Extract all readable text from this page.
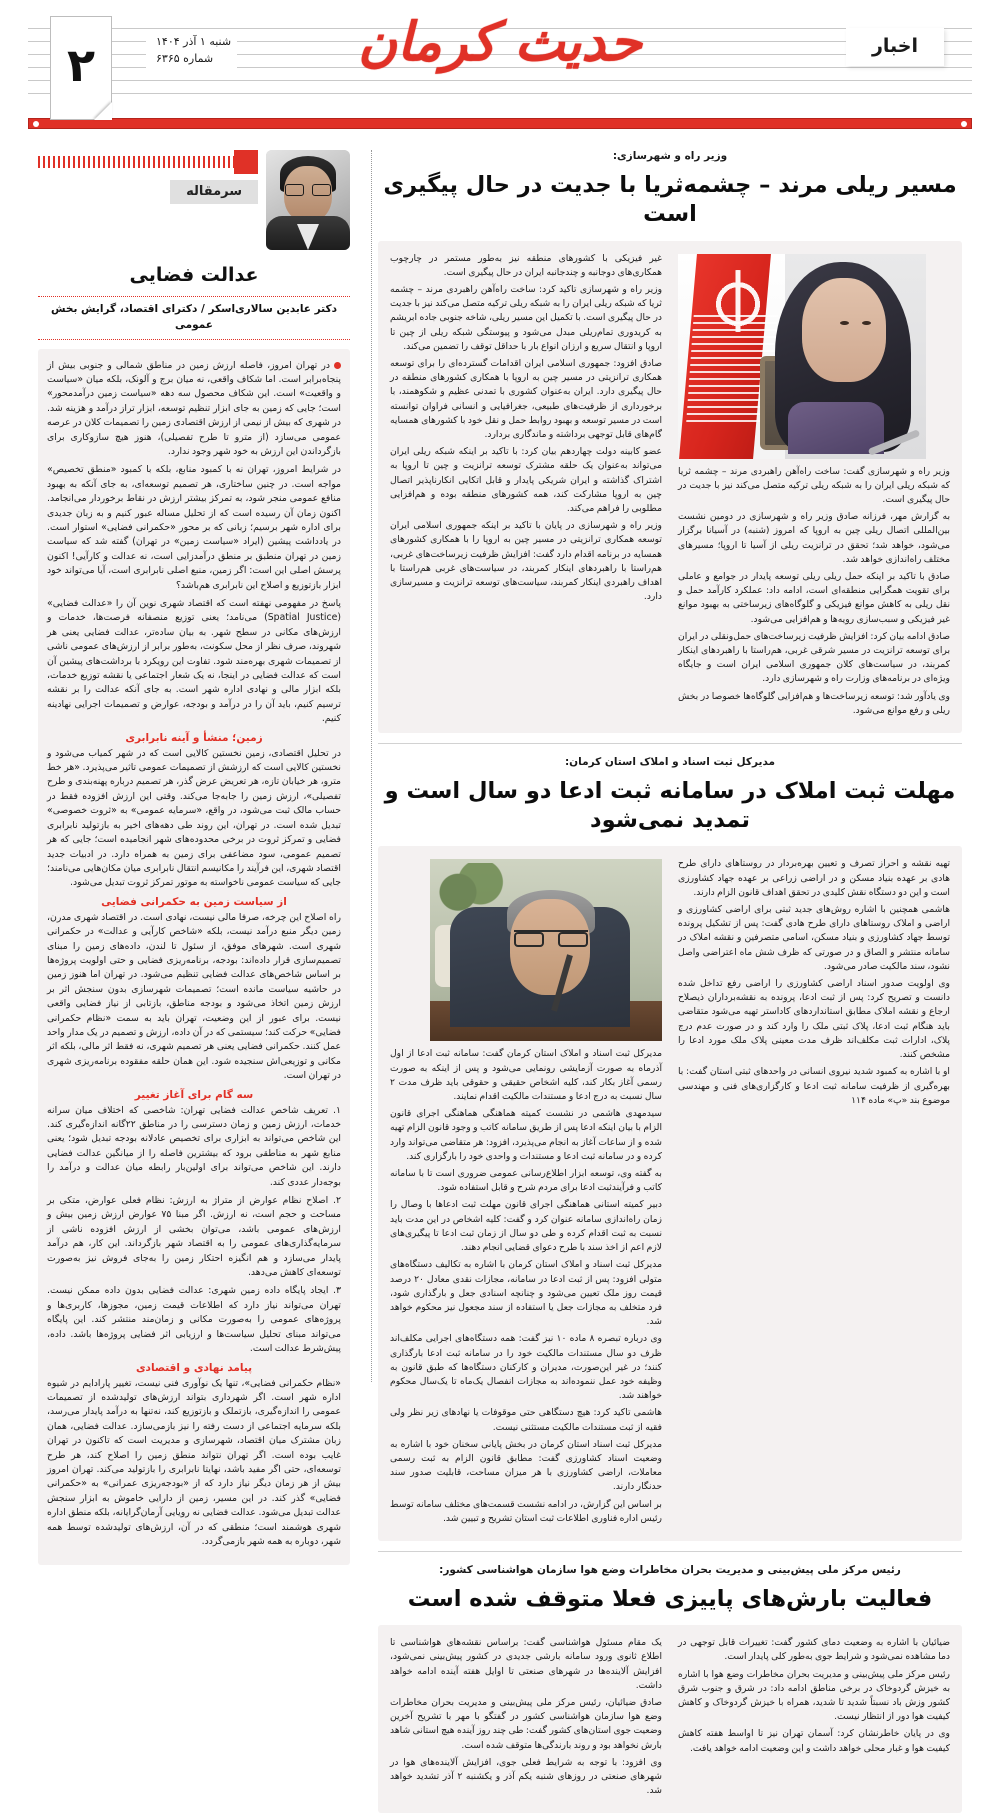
حدیث کرمان	اخبار
شنبه ۱ آذر ۱۴۰۴
شماره ۶۳۶۵
۲
سرمقاله
عدالت فضایی
دکتر عابدین سالاری‌اسکر / دکترای اقتصاد، گرایش بخش عمومی

در تهران امروز، فاصله ارزش زمین در مناطق شمالی و جنوبی بیش از پنجاه‌برابر است. اما شکاف واقعی، نه میان برج و آلونک، بلکه میان «سیاست و واقعیت» است. این شکاف محصول سه دهه «سیاست زمین درآمدمحور» است؛ جایی که زمین به جای ابزار تنظیم توسعه، ابزار تراز درآمد و هزینه شد. در شهری که بیش از نیمی از ارزش اقتصادی زمین را تصمیمات کلان در عرصه عمومی می‌سازد (از مترو تا طرح تفصیلی)، هنوز هیچ سازوکاری برای بازگرداندن این ارزش به خود شهر وجود ندارد.

در شرایط امروز، تهران نه با کمبود منابع، بلکه با کمبود «منطق تخصیص» مواجه است. در چنین ساختاری، هر تصمیم توسعه‌ای، به جای آنکه به بهبود منافع عمومی منجر شود، به تمرکز بیشتر ارزش در نقاط برخوردار می‌انجامد. اکنون زمان آن رسیده است که از تحلیل مساله عبور کنیم و به زبان جدیدی برای اداره شهر برسیم؛ زبانی که بر محور «حکمرانی فضایی» استوار است. در یادداشت پیشین (ایراد «سیاست زمین» در تهران) گفته شد که سیاست زمین در تهران منطبق بر منطق درآمدزایی است، نه عدالت و کارآیی! اکنون پرسش اصلی این است: اگر زمین، منبع اصلی نابرابری است، آیا می‌تواند خود ابزار بازتوزیع و اصلاح این نابرابری هم‌باشد؟

پاسخ در مفهومی نهفته است که اقتصاد شهری نوین آن را «عدالت فضایی» (Spatial Justice) می‌نامد؛ یعنی توزیع منصفانه فرصت‌ها، خدمات و ارزش‌های مکانی در سطح شهر. به بیان ساده‌تر، عدالت فضایی یعنی هر شهروند، صرف نظر از محل سکونت، به‌طور برابر از ارزش‌های عمومی ناشی از تصمیمات شهری بهره‌مند شود. تفاوت این رویکرد با برداشت‌های پیشین آن است که عدالت فضایی در اینجا، نه یک شعار اجتماعی یا نقشه توزیع خدمات، بلکه ابزار مالی و نهادی اداره شهر است. به جای آنکه عدالت را بر نقشه ترسیم کنیم، باید آن را در درآمد و بودجه، عوارض و تصمیمات اجرایی نهادینه کنیم.

زمین؛ منشأ و آینه نابرابری

در تحلیل اقتصادی، زمین نخستین کالایی است که در شهر کمیاب می‌شود و نخستین کالایی است که ارزشش از تصمیمات عمومی تاثیر می‌پذیرد. «هر خط مترو، هر خیابان تازه، هر تعریض عرض گذر، هر تصمیم درباره پهنه‌بندی و طرح تفصیلی»، ارزش زمین را جابه‌جا می‌کند. وقتی این ارزش افزوده فقط در حساب مالک ثبت می‌شود، در واقع، «سرمایه عمومی» به «ثروت خصوصی» تبدیل شده است. در تهران، این روند طی دهه‌های اخیر به بازتولید نابرابری فضایی و تمرکز ثروت در برخی محدوده‌های شهر انجامیده است؛ جایی که هر تصمیم عمومی، سود مضاعفی برای زمین به همراه دارد. در ادبیات جدید اقتصاد شهری، این فرآیند را مکانیسم انتقال نابرابری میان مکان‌هایی می‌نامند؛ جایی که سیاست عمومی ناخواسته به موتور تمرکز ثروت تبدیل می‌شود.

از سیاست زمین به حکمرانی فضایی

راه اصلاح این چرخه، صرفا مالی نیست، نهادی است. در اقتصاد شهری مدرن، زمین دیگر منبع درآمد نیست، بلکه «شاخص کارآیی و عدالت» در حکمرانی شهری است. شهرهای موفق، از سئول تا لندن، داده‌های زمین را مبنای تصمیم‌سازی قرار داده‌اند: بودجه، برنامه‌ریزی فضایی و حتی اولویت پروژه‌ها بر اساس شاخص‌های عدالت فضایی تنظیم می‌شود. در تهران اما هنوز زمین در حاشیه سیاست مانده است؛ تصمیمات شهرسازی بدون سنجش اثر بر ارزش زمین اتخاذ می‌شود و بودجه مناطق، بازتابی از نیاز فضایی واقعی نیست. برای عبور از این وضعیت، تهران باید به سمت «نظام حکمرانی فضایی» حرکت کند؛ سیستمی که در آن داده، ارزش و تصمیم در یک مدار واحد عمل کنند. حکمرانی فضایی یعنی هر تصمیم شهری، نه فقط اثر مالی، بلکه اثر مکانی و توزیعی‌اش سنجیده شود. این همان حلقه مفقوده برنامه‌ریزی شهری در تهران است.

سه گام برای آغاز تغییر

۱. تعریف شاخص عدالت فضایی تهران: شاخصی که اختلاف میان سرانه خدمات، ارزش زمین و زمان دسترسی را در مناطق ۲۲گانه اندازه‌گیری کند. این شاخص می‌تواند به ابزاری برای تخصیص عادلانه بودجه تبدیل شود؛ یعنی منابع شهر به مناطقی برود که بیشترین فاصله را از میانگین عدالت فضایی دارند. این شاخص می‌تواند برای اولین‌بار رابطه میان عدالت و درآمد را بوجه‌دار عددی کند.

۲. اصلاح نظام عوارض از مترا‌ژ به ارزش: نظام فعلی عوارض، متکی بر مساحت و حجم است، نه ارزش. اگر مبنا ۷۵ عوارض ارزش زمین بیش و ارزش‌های عمومی باشد، می‌توان بخشی از ارزش افزوده ناشی از سرمایه‌گذاری‌های عمومی را به اقتصاد شهر بازگرداند. این کار، هم درآمد پایدار می‌سازد و هم انگیزه احتکار زمین را به‌جای فروش نیز به‌صورت توسعه‌ای کاهش می‌دهد.

۳. ایجاد پایگاه داده زمین شهری: عدالت فضایی بدون داده ممکن نیست. تهران می‌تواند نیاز دارد که اطلاعات قیمت زمین، مجوزها، کاربری‌ها و پروژه‌های عمومی را به‌صورت مکانی و زمان‌مند منتشر کند. این پایگاه می‌تواند مبنای تحلیل سیاست‌ها و ارزیابی اثر فضایی پروژه‌ها باشد. داده، پیش‌شرط عدالت است.

پیامد نهادی و اقتصادی

«نظام حکمرانی فضایی»، تنها یک نوآوری فنی نیست، تغییر پارادایم در شیوه اداره شهر است. اگر شهرداری بتواند ارزش‌های تولیدشده از تصمیمات عمومی را اندازه‌گیری، بازتملک و بازتوزیع کند، نه‌تنها به درآمد پایدار می‌رسد، بلکه سرمایه اجتماعی از دست رفته را نیز بازمی‌سازد. عدالت فضایی، همان زبان مشترک میان اقتصاد، شهرسازی و مدیریت است که تاکنون در تهران غایب بوده است. اگر تهران نتواند منطق زمین را اصلاح کند، هر طرح توسعه‌ای، حتی اگر مفید باشد، نهایتا نابرابری را بازتولید می‌کند. تهران امروز بیش از هر زمان دیگر نیاز دارد که از «بودجه‌ریزی عمرانی» به «حکمرانی فضایی» گذر کند. در این مسیر، زمین از دارایی خاموش به ابزار سنجش عدالت تبدیل می‌شود. عدالت فضایی نه رویایی آرمان‌گرایانه، بلکه منطق اداره شهری هوشمند است؛ منطقی که در آن، ارزش‌های تولیدشده توسط همه شهر، دوباره به همه شهر بازمی‌گردد.

وزیر راه و شهرسازی:
مسیر ریلی مرند – چشمه‌ثریا با جدیت در حال پیگیری است

غیر فیزیکی با کشورهای منطقه نیز به‌طور مستمر در چارچوب همکاری‌های دوجانبه و چندجانبه ایران در حال پیگیری است.

وزیر راه و شهرسازی تاکید کرد: ساخت راه‌آهن راهبردی مرند – چشمه ثریا که شبکه ریلی ایران را به شبکه ریلی ترکیه متصل می‌کند نیز با جدیت در حال پیگیری است. با تکمیل این مسیر ریلی، شاخه جنوبی جاده ابریشم به کریدوری تمام‌ریلی مبدل می‌شود و پیوستگی شبکه ریلی از چین تا اروپا و انتقال سریع و ارزان انواع بار با حداقل توقف را تضمین می‌کند.

صادق افزود: جمهوری اسلامی ایران اقدامات گسترده‌ای را برای توسعه همکاری ترانزیتی در مسیر چین به اروپا با همکاری کشورهای منطقه در حال پیگیری دارد. ایران به‌عنوان کشوری با تمدنی عظیم و شکوهمند، با برخورداری از ظرفیت‌های طبیعی، جغرافیایی و انسانی فراوان توانسته است در مسیر توسعه و بهبود روابط حمل و نقل خود با کشورهای همسایه گام‌های قابل توجهی برداشته و ماندگاری بردارد.

عضو کابینه دولت چهاردهم بیان کرد: با تاکید بر اینکه شبکه ریلی ایران می‌تواند به‌عنوان یک حلقه مشترک توسعه ترانزیت و چین تا اروپا به اشتراک گذاشته و ایران شریکی پایدار و قابل اتکایی انکارناپذیر اتصال چین به اروپا مشارکت کند، همه کشورهای منطقه بوده و هم‌افزایی مطلوبی را فراهم می‌کند.

وزیر راه و شهرسازی در پایان با تاکید بر اینکه جمهوری اسلامی ایران توسعه همکاری ترانزیتی در مسیر چین به اروپا را با همکاری کشورهای همسایه در برنامه اقدام دارد گفت: افزایش ظرفیت زیرساخت‌های غربی، هم‌راستا با راهبردهای اینکار کمربند، در سیاست‌های غربی هم‌راستا با اهداف راهبردی اینکار کمربند، سیاست‌های توسعه ترانزیت و مسیرسازی دارد.

وزیر راه و شهرسازی گفت: ساخت راه‌آهن راهبردی مرند – چشمه ثریا که شبکه ریلی ایران را به شبکه ریلی ترکیه متصل می‌کند نیز با جدیت در حال پیگیری است.

به گزارش مهر، فرزانه صادق وزیر راه و شهرسازی در دومین نشست بین‌المللی اتصال ریلی چین به اروپا که امروز (شنبه) در آسیانا برگزار می‌شود، خواهد شد؛ تحقق در ترانزیت ریلی از آسیا تا اروپا؛ مسیرهای مختلف راه‌اندازی خواهد شد.

صادق با تاکید بر اینکه حمل ریلی ریلی توسعه پایدار در جوامع و عاملی برای تقویت همگرایی منطقه‌ای است، ادامه داد: عملکرد کارآمد حمل و نقل ریلی به کاهش موانع فیزیکی و گلوگاه‌های زیرساختی به بهبود موانع غیر فیزیکی و سبب‌سازی رویه‌ها و هم‌افزایی می‌شود.

صادق ادامه بیان کرد: افزایش ظرفیت زیرساخت‌های حمل‌ونقلی در ایران برای توسعه ترانزیت در مسیر شرقی غربی، هم‌راستا با راهبردهای اینکار کمربند، در سیاست‌های کلان جمهوری اسلامی ایران است و جایگاه ویژه‌ای در برنامه‌های وزارت راه و شهرسازی دارد.

وی یادآور شد: توسعه زیرساخت‌ها و هم‌افزایی گلوگاه‌ها خصوصا در بخش ریلی و رفع موانع می‌شود.

مدیرکل ثبت اسناد و املاک استان کرمان:
مهلت ثبت املاک در سامانه ثبت ادعا دو سال است و تمدید نمی‌شود

مدیرکل ثبت اسناد و املاک استان کرمان گفت: سامانه ثبت ادعا از اول آذرماه به صورت آزمایشی رونمایی می‌شود و پس از اینکه به صورت رسمی آغاز بکار کند، کلیه اشخاص حقیقی و حقوقی باید ظرف مدت ۲ سال نسبت به درج ادعا و مستندات مالکیت اقدام نمایند.

سیدمهدی هاشمی در نشست کمیته هماهنگی هماهنگی اجرای قانون الزام با بیان اینکه ادعا پس از طریق سامانه کاتب و وجود قانون الزام تهیه شده و از ساعات آغاز به انجام می‌پذیرد، افزود: هر متقاضی می‌تواند وارد کرده و در سامانه ثبت ادعا و مستندات و واحدی خود را بارگزاری کند.

به گفته وی، توسعه ابزار اطلاع‌رسانی عمومی ضروری است تا با سامانه کاتب و فرآیندثبت ادعا برای مردم شرح و قابل استفاده شود.

دبیر کمیته استانی هماهنگی اجرای قانون مهلت ثبت ادعاها با وصال را زمان راه‌اندازی سامانه عنوان کرد و گفت: کلیه اشخاص در این مدت باید نسبت به ثبت اقدام کرده و طی دو سال از زمان ثبت ادعا تا پیگیری‌های لازم اعم از اخذ سند با طرح دعوای قضایی انجام دهند.

مدیرکل ثبت اسناد و املاک استان کرمان با اشاره به تکالیف دستگاه‌های متولی افزود: پس از ثبت ادعا در سامانه، مجازات نقدی معادل ۲۰ درصد قیمت روز ملک تعیین می‌شود و چنانچه اسنادی جعل و بارگذاری شود، فرد متخلف به مجازات جعل یا استفاده از سند مجعول نیز محکوم خواهد شد.

وی درباره تبصره ۸ ماده ۱۰ نیز گفت: همه دستگاه‌های اجرایی مکلف‌اند ظرف دو سال مستندات مالکیت خود را در سامانه ثبت ادعا بارگذاری کنند؛ در غیر این‌صورت، مدیران و کارکنان دستگاه‌ها که طبق قانون به وظیفه خود عمل ننموده‌اند به مجازات انفصال یک‌ماه تا یک‌سال محکوم خواهند شد.

هاشمی تاکید کرد: هیچ دستگاهی حتی موقوفات یا نهادهای زیر نظر ولی فقیه از ثبت مستندات مالکیت مستثنی نیست.

مدیرکل ثبت اسناد استان کرمان در بخش پایانی سخنان خود با اشاره به وضعیت اسناد کشاورزی گفت: مطابق قانون الزام به ثبت رسمی معاملات، اراضی کشاورزی با هر میزان مساحت، قابلیت صدور سند حدنگار دارند.

بر اساس این گزارش، در ادامه نشست قسمت‌های مختلف سامانه توسط رئیس اداره فناوری اطلاعات ثبت استان تشریح و تبیین شد.

تهیه نقشه و احراز تصرف و تعیین بهره‌بردار در روستاهای دارای طرح هادی بر عهده بنیاد مسکن و در اراضی زراعی بر عهده جهاد کشاورزی است و این دو دستگاه نقش کلیدی در تحقق اهداف قانون الزام دارند.

هاشمی همچنین با اشاره روش‌های جدید ثبتی برای اراضی کشاورزی و اراضی و املاک روستاهای دارای طرح هادی گفت: پس از تشکیل پرونده توسط جهاد کشاورزی و بنیاد مسکن، اسامی متصرفین و نقشه املاک در سامانه منتشر و الصاق و در صورتی که ظرف شش ماه اعتراضی واصل نشود، سند مالکیت صادر می‌شود.

وی اولویت صدور اسناد اراضی کشاورزی را اراضی رفع تداخل شده دانست و تصریح کرد: پس از ثبت ادعا، پرونده به نقشه‌برداران ذیصلاح ارجاع و نقشه املاک مطابق استانداردهای کاداستر تهیه می‌شود متقاضی باید هنگام ثبت ادعا، پلاک ثبتی ملک را وارد کند و در صورت عدم درج پلاک، ادارات ثبت مکلف‌اند ظرف مدت معینی پلاک ملک مورد ادعا را مشخص کنند.

او با اشاره به کمبود شدید نیروی انسانی در واحدهای ثبتی استان گفت: با بهره‌گیری از ظرفیت سامانه ثبت ادعا و کارگزاری‌های فنی و مهندسی موضوع بند «پ» ماده ۱۱۴

رئیس مرکز ملی پیش‌بینی و مدیریت بحران مخاطرات وضع هوا سازمان هواشناسی کشور:
فعالیت بارش‌های پاییزی فعلا متوقف شده است

یک مقام مسئول هواشناسی گفت: براساس نقشه‌های هواشناسی تا اطلاع ثانوی ورود سامانه بارشی جدیدی در کشور پیش‌بینی نمی‌شود، افزایش آلاینده‌ها در شهرهای صنعتی تا اوایل هفته آینده ادامه خواهد داشت.

صادق ضیائیان، رئیس مرکز ملی پیش‌بینی و مدیریت بحران مخاطرات وضع هوا سازمان هواشناسی کشور در گفتگو با مهر با تشریح آخرین وضعیت جوی استان‌های کشور گفت: طی چند روز آینده هیچ استانی شاهد بارش نخواهد بود و روند بارندگی‌ها متوقف شده است.

وی افزود: با توجه به شرایط فعلی جوی، افزایش آلاینده‌های هوا در شهرهای صنعتی در روزهای شنبه یکم آذر و یکشنبه ۲ آذر تشدید خواهد شد.

ضیائیان با اشاره به وضعیت دمای کشور گفت: تغییرات قابل توجهی در دما مشاهده نمی‌شود و شرایط جوی به‌طور کلی پایدار است.

رئیس مرکز ملی پیش‌بینی و مدیریت بحران مخاطرات وضع هوا با اشاره به خیزش گردوخاک در برخی مناطق ادامه داد: در شرق و جنوب شرق کشور وزش باد نسبتاً شدید تا شدید، همراه با خیزش گردوخاک و کاهش کیفیت هوا دور از انتظار نیست.

وی در پایان خاطرنشان کرد: آسمان تهران نیز تا اواسط هفته کاهش کیفیت هوا و غبار محلی خواهد داشت و این وضعیت ادامه خواهد یافت.
